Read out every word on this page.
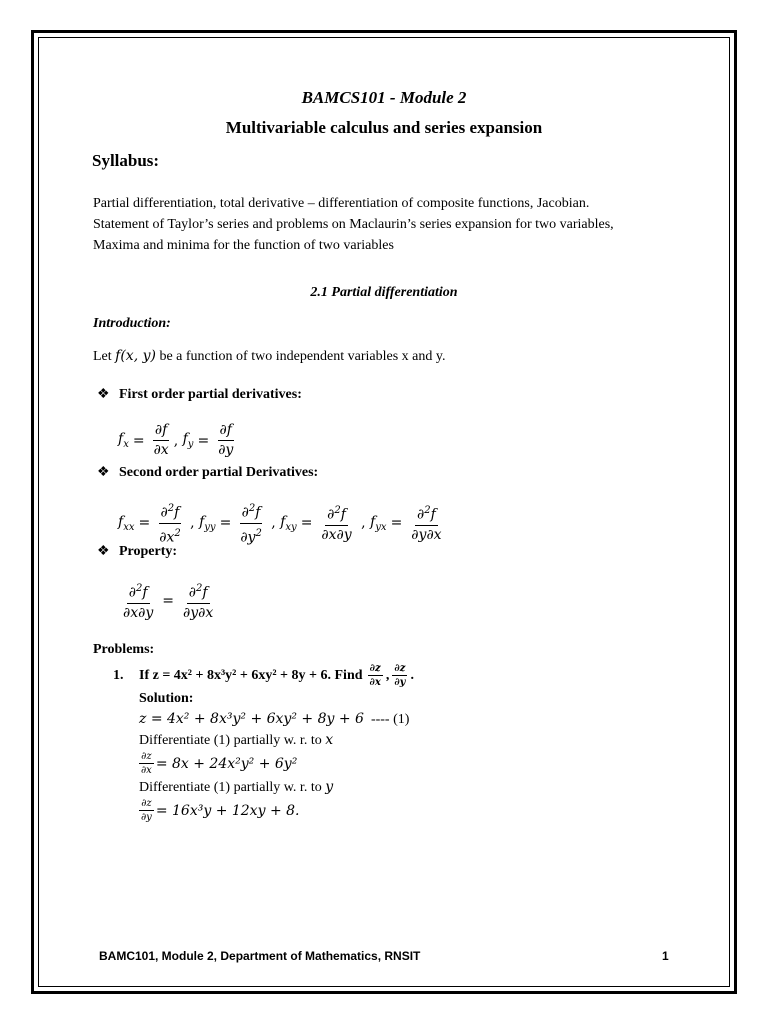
BAMCS101 - Module 2
Multivariable calculus and series expansion
Syllabus:
Partial differentiation, total derivative – differentiation of composite functions, Jacobian.
Statement of Taylor’s series and problems on Maclaurin’s series expansion for two variables,
Maxima and minima for the function of two variables
2.1 Partial differentiation
Introduction:
Let f(x, y) be a function of two independent variables x and y.
❖ First order partial derivatives:
$f_x = \frac{\partial f}{\partial x}$ , $f_y = \frac{\partial f}{\partial y}$
❖ Second order partial Derivatives:
$f_{xx} = \frac{\partial^2f}{\partial x^2}$ , $f_{yy} = \frac{\partial^2f}{\partial y^2}$ , $f_{xy} = \frac{\partial^2f}{\partial x\partial y}$ , $f_{yx} = \frac{\partial^2f}{\partial y\partial x}$
❖ Property:
$\frac{\partial^2f}{\partial x\partial y} = \frac{\partial^2f}{\partial y\partial x}$
Problems:
1.	If z = 4x² + 8x³y² + 6xy² + 8y + 6. Find $\frac{\partial z}{\partial x}$ , $\frac{\partial z}{\partial y}$ .
Solution:
z = 4x² + 8x³y² + 6xy² + 8y + 6 ---- (1)
Differentiate (1) partially w. r. to x
$\frac{\partial z}{\partial x} = 8x + 24x^2y^2 + 6y^2$
Differentiate (1) partially w. r. to y
$\frac{\partial z}{\partial y} = 16x^3y + 12xy + 8$.
BAMC101, Module 2, Department of Mathematics, RNSIT	1
